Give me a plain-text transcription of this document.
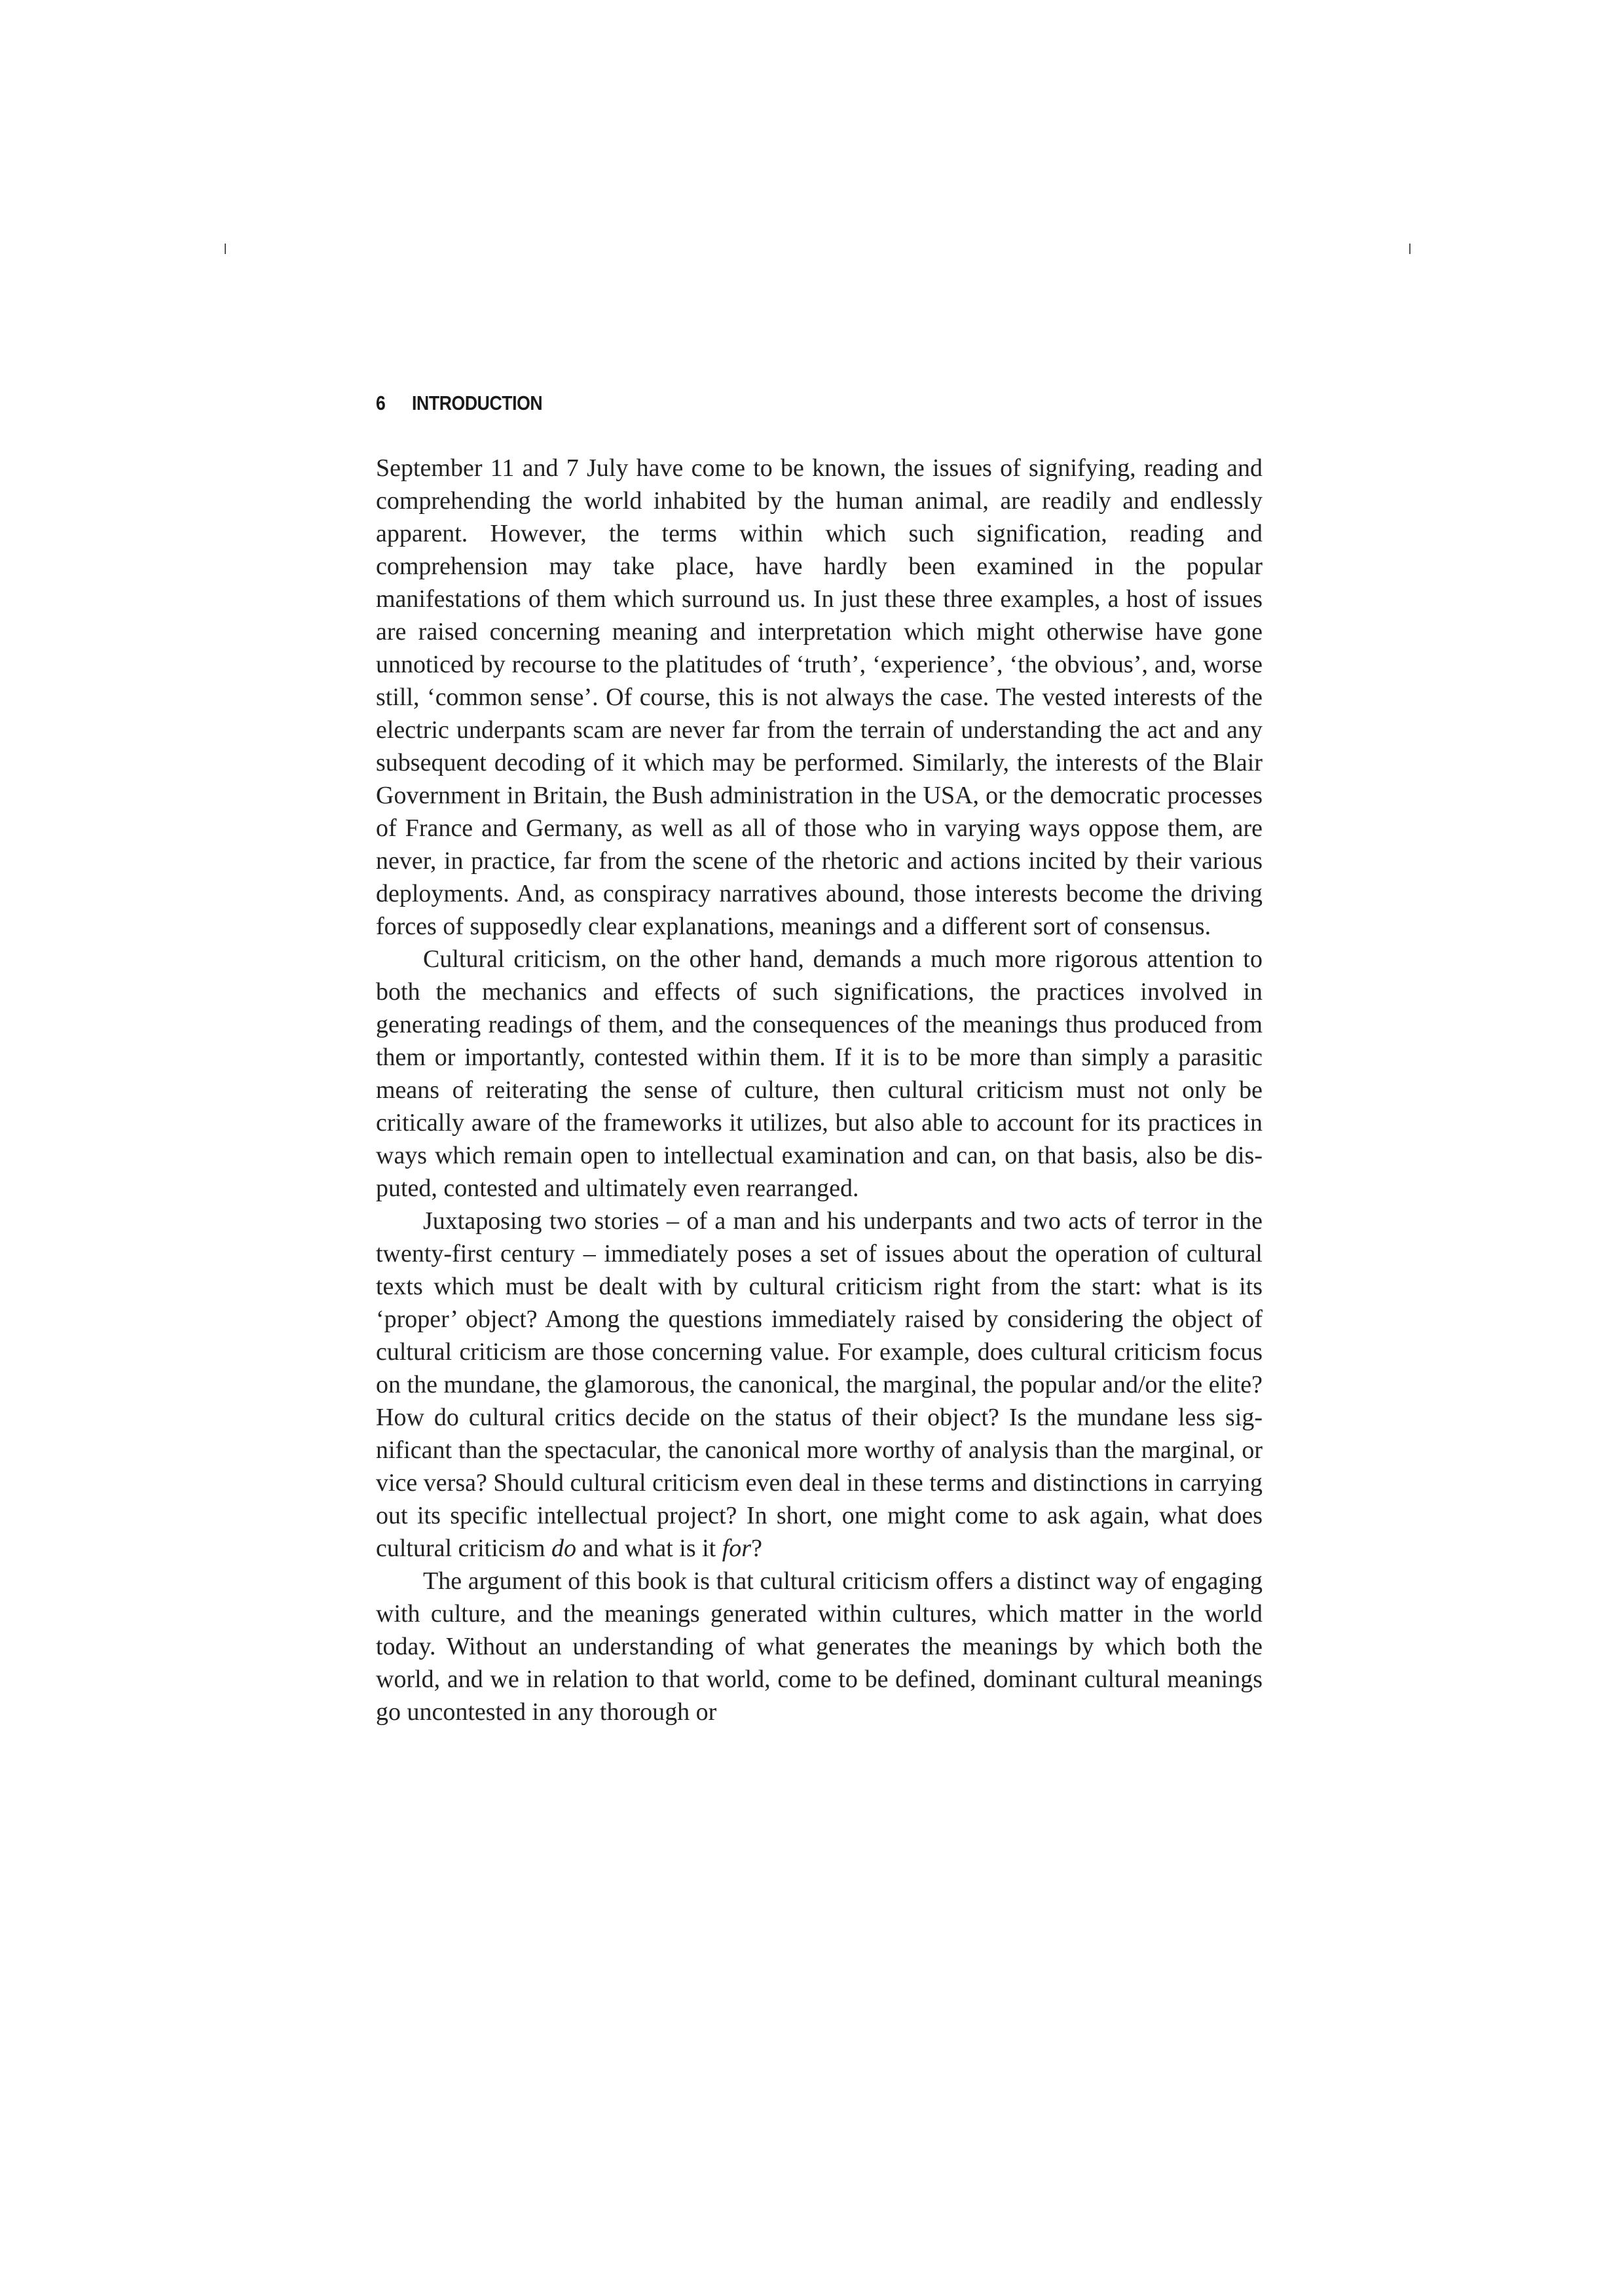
6 INTRODUCTION

September 11 and 7 July have come to be known, the issues of signifying, reading and comprehending the world inhabited by the human animal, are readily and endlessly apparent. However, the terms within which such signification, reading and comprehension may take place, have hardly been examined in the popular manifestations of them which surround us. In just these three examples, a host of issues are raised concerning meaning and interpretation which might otherwise have gone unnoticed by recourse to the platitudes of ‘truth’, ‘experience’, ‘the obvious’, and, worse still, ‘common sense’. Of course, this is not always the case. The vested interests of the electric underpants scam are never far from the terrain of understanding the act and any subsequent decoding of it which may be performed. Similarly, the interests of the Blair Government in Britain, the Bush administration in the USA, or the democratic processes of France and Germany, as well as all of those who in varying ways oppose them, are never, in practice, far from the scene of the rhetoric and actions incited by their various deployments. And, as conspiracy narratives abound, those interests become the driving forces of supposedly clear explanations, meanings and a different sort of consensus.

Cultural criticism, on the other hand, demands a much more rigorous attention to both the mechanics and effects of such significations, the practices involved in generating readings of them, and the consequences of the meanings thus produced from them or importantly, contested within them. If it is to be more than simply a parasitic means of reiterating the sense of culture, then cultural criticism must not only be critically aware of the frameworks it utilizes, but also able to account for its practices in ways which remain open to intellectual examination and can, on that basis, also be disputed, contested and ultimately even rearranged.

Juxtaposing two stories – of a man and his underpants and two acts of terror in the twenty-first century – immediately poses a set of issues about the operation of cultural texts which must be dealt with by cultural criticism right from the start: what is its ‘proper’ object? Among the questions immediately raised by considering the object of cultural criticism are those concerning value. For example, does cultural criticism focus on the mundane, the glamorous, the canonical, the marginal, the popular and/or the elite? How do cultural critics decide on the status of their object? Is the mundane less significant than the spectacular, the canonical more worthy of analysis than the marginal, or vice versa? Should cultural criticism even deal in these terms and distinctions in carrying out its specific intellectual project? In short, one might come to ask again, what does cultural criticism do and what is it for?

The argument of this book is that cultural criticism offers a distinct way of engaging with culture, and the meanings generated within cultures, which matter in the world today. Without an understanding of what generates the meanings by which both the world, and we in relation to that world, come to be defined, dominant cultural meanings go uncontested in any thorough or
